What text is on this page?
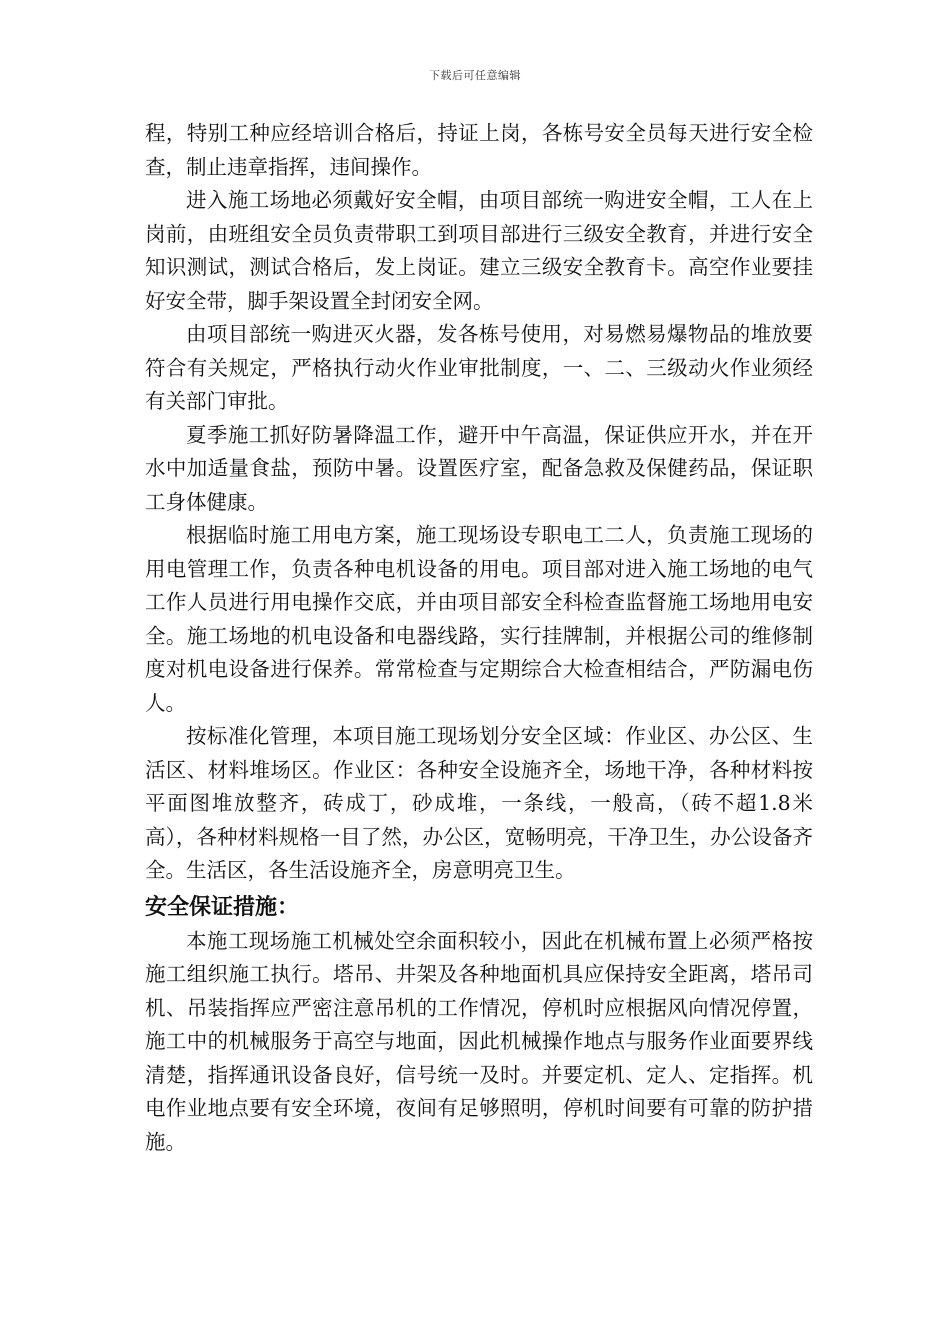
下载后可任意编辑

程，特别工种应经培训合格后，持证上岗，各栋号安全员每天进行安全检查，制止违章指挥，违间操作。

进入施工场地必须戴好安全帽，由项目部统一购进安全帽，工人在上岗前，由班组安全员负责带职工到项目部进行三级安全教育，并进行安全知识测试，测试合格后，发上岗证。建立三级安全教育卡。高空作业要挂好安全带，脚手架设置全封闭安全网。

由项目部统一购进灭火器，发各栋号使用，对易燃易爆物品的堆放要符合有关规定，严格执行动火作业审批制度，一、二、三级动火作业须经有关部门审批。

夏季施工抓好防暑降温工作，避开中午高温，保证供应开水，并在开水中加适量食盐，预防中暑。设置医疗室，配备急救及保健药品，保证职工身体健康。

根据临时施工用电方案，施工现场设专职电工二人，负责施工现场的用电管理工作，负责各种电机设备的用电。项目部对进入施工场地的电气工作人员进行用电操作交底，并由项目部安全科检查监督施工场地用电安全。施工场地的机电设备和电器线路，实行挂牌制，并根据公司的维修制度对机电设备进行保养。常常检查与定期综合大检查相结合，严防漏电伤人。

按标准化管理，本项目施工现场划分安全区域：作业区、办公区、生活区、材料堆场区。作业区：各种安全设施齐全，场地干净，各种材料按平面图堆放整齐，砖成丁，砂成堆，一条线，一般高，（砖不超1.8米高），各种材料规格一目了然，办公区，宽畅明亮，干净卫生，办公设备齐全。生活区，各生活设施齐全，房意明亮卫生。

安全保证措施：

本施工现场施工机械处空余面积较小，因此在机械布置上必须严格按施工组织施工执行。塔吊、井架及各种地面机具应保持安全距离，塔吊司机、吊装指挥应严密注意吊机的工作情况，停机时应根据风向情况停置，施工中的机械服务于高空与地面，因此机械操作地点与服务作业面要界线清楚，指挥通讯设备良好，信号统一及时。并要定机、定人、定指挥。机电作业地点要有安全环境，夜间有足够照明，停机时间要有可靠的防护措施。
